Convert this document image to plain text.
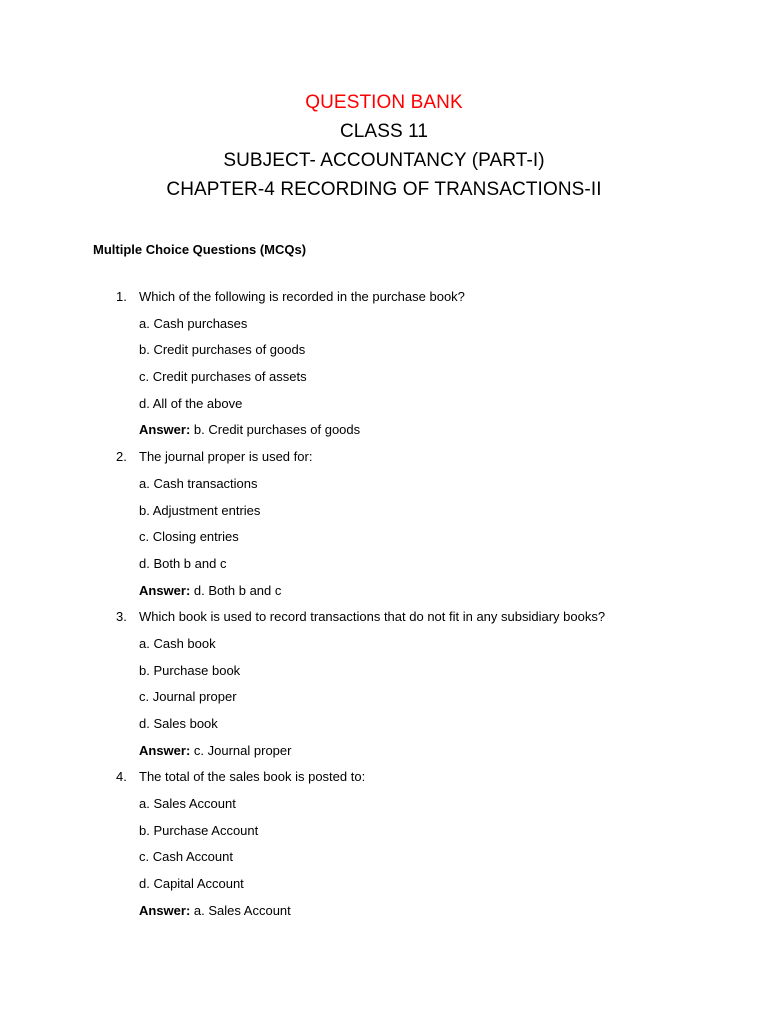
QUESTION BANK
CLASS 11
SUBJECT- ACCOUNTANCY (PART-I)
CHAPTER-4 RECORDING OF TRANSACTIONS-II
Multiple Choice Questions (MCQs)
1. Which of the following is recorded in the purchase book?
a. Cash purchases
b. Credit purchases of goods
c. Credit purchases of assets
d. All of the above
Answer: b. Credit purchases of goods
2. The journal proper is used for:
a. Cash transactions
b. Adjustment entries
c. Closing entries
d. Both b and c
Answer: d. Both b and c
3. Which book is used to record transactions that do not fit in any subsidiary books?
a. Cash book
b. Purchase book
c. Journal proper
d. Sales book
Answer: c. Journal proper
4. The total of the sales book is posted to:
a. Sales Account
b. Purchase Account
c. Cash Account
d. Capital Account
Answer: a. Sales Account
